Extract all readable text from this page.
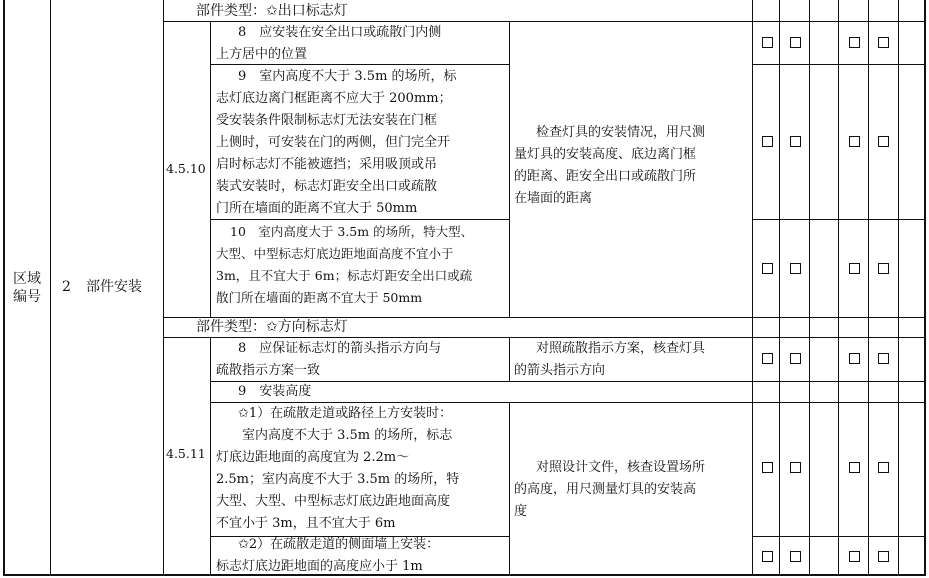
区域
编号
2 部件安装
部件类型：✩出口标志灯
4.5.10
8　应安装在安全出口或疏散门内侧
上方居中的位置
9　室内高度不大于 3.5m 的场所，标
志灯底边离门框距离不应大于 200mm；
受安装条件限制标志灯无法安装在门框
上侧时，可安装在门的两侧，但门完全开
启时标志灯不能被遮挡；采用吸顶或吊
装式安装时，标志灯距安全出口或疏散
门所在墙面的距离不宜大于 50mm
10　室内高度大于 3.5m 的场所，特大型、
大型、中型标志灯底边距地面高度不宜小于
3m，且不宜大于 6m；标志灯距安全出口或疏
散门所在墙面的距离不宜大于 50mm
检查灯具的安装情况，用尺测
量灯具的安装高度、底边离门框
的距离、距安全出口或疏散门所
在墙面的距离
部件类型：✩方向标志灯
4.5.11
8　应保证标志灯的箭头指示方向与
疏散指示方案一致
对照疏散指示方案，核查灯具
的箭头指示方向
9　安装高度
✩1）在疏散走道或路径上方安装时：
室内高度不大于 3.5m 的场所，标志
灯底边距地面的高度宜为 2.2m～
2.5m；室内高度不大于 3.5m 的场所，特
大型、大型、中型标志灯底边距地面高度
不宜小于 3m，且不宜大于 6m
对照设计文件，核查设置场所
的高度，用尺测量灯具的安装高
度
✩2）在疏散走道的侧面墙上安装：
标志灯底边距地面的高度应小于 1m
